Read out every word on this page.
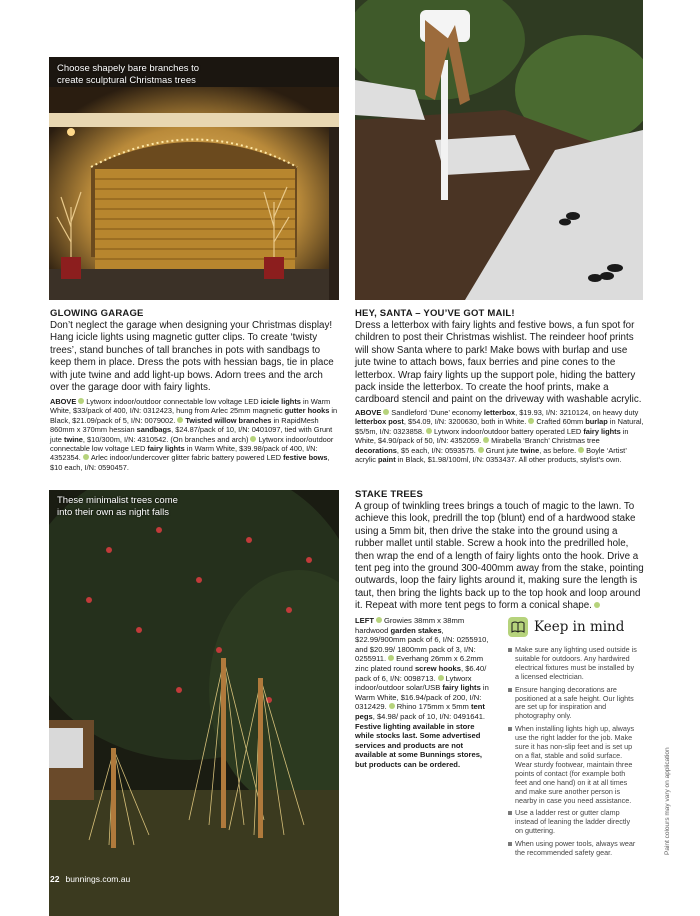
Choose shapely bare branches to create sculptural Christmas trees
GLOWING GARAGE
Don’t neglect the garage when designing your Christmas display! Hang icicle lights using magnetic gutter clips. To create ‘twisty trees’, stand bunches of tall branches in pots with sandbags to keep them in place. Dress the pots with hessian bags, tie in place with jute twine and add light-up bows. Adorn trees and the arch over the garage door with fairy lights.
ABOVE Lytworx indoor/outdoor connectable low voltage LED icicle lights in Warm White, $33/pack of 400, I/N: 0312423, hung from Arlec 25mm magnetic gutter hooks in Black, $21.09/pack of 5, I/N: 0079002. Twisted willow branches in RapidMesh 860mm x 370mm hessian sandbags, $24.87/pack of 10, I/N: 0401097, tied with Grunt jute twine, $10/300m, I/N: 4310542. (On branches and arch) Lytworx indoor/outdoor connectable low voltage LED fairy lights in Warm White, $39.98/pack of 400, I/N: 4352354. Arlec indoor/undercover glitter fabric battery powered LED festive bows, $10 each, I/N: 0590457.
HEY, SANTA – YOU’VE GOT MAIL!
Dress a letterbox with fairy lights and festive bows, a fun spot for children to post their Christmas wishlist. The reindeer hoof prints will show Santa where to park! Make bows with burlap and use jute twine to attach bows, faux berries and pine cones to the letterbox. Wrap fairy lights up the support pole, hiding the battery pack inside the letterbox. To create the hoof prints, make a cardboard stencil and paint on the driveway with washable acrylic.
ABOVE Sandleford ‘Dune’ economy letterbox, $19.93, I/N: 3210124, on heavy duty letterbox post, $54.09, I/N: 3200630, both in White. Crafted 60mm burlap in Natural, $5/5m, I/N: 0323858. Lytworx indoor/outdoor battery operated LED fairy lights in White, $4.90/pack of 50, I/N: 4352059. Mirabella ‘Branch’ Christmas tree decorations, $5 each, I/N: 0593575. Grunt jute twine, as before. Boyle ‘Artist’ acrylic paint in Black, $1.98/100ml, I/N: 0353437. All other products, stylist’s own.
These minimalist trees come into their own as night falls
STAKE TREES
A group of twinkling trees brings a touch of magic to the lawn. To achieve this look, predrill the top (blunt) end of a hardwood stake using a 5mm bit, then drive the stake into the ground using a rubber mallet until stable. Screw a hook into the predrilled hole, then wrap the end of a length of fairy lights onto the hook. Drive a tent peg into the ground 300-400mm away from the stake, pointing outwards, loop the fairy lights around it, making sure the length is taut, then bring the lights back up to the top hook and loop around it. Repeat with more tent pegs to form a conical shape.
LEFT Growies 38mm x 38mm hardwood garden stakes, $22.99/900mm pack of 6, I/N: 0255910, and $20.99/ 1800mm pack of 3, I/N: 0255911. Everhang 26mm x 6.2mm zinc plated round screw hooks, $6.40/ pack of 6, I/N: 0098713. Lytworx indoor/outdoor solar/USB fairy lights in Warm White, $16.94/pack of 200, I/N: 0312429. Rhino 175mm x 5mm tent pegs, $4.98/ pack of 10, I/N: 0491641. Festive lighting available in store while stocks last. Some advertised services and products are not available at some Bunnings stores, but products can be ordered.
Keep in mind
Make sure any lighting used outside is suitable for outdoors. Any hardwired electrical fixtures must be installed by a licensed electrician.
Ensure hanging decorations are positioned at a safe height. Our lights are set up for inspiration and photography only.
When installing lights high up, always use the right ladder for the job. Make sure it has non-slip feet and is set up on a flat, stable and solid surface. Wear sturdy footwear, maintain three points of contact (for example both feet and one hand) on it at all times and make sure another person is nearby in case you need assistance.
Use a ladder rest or gutter clamp instead of leaning the ladder directly on guttering.
When using power tools, always wear the recommended safety gear.	Paint colours may vary on application
22 bunnings.com.au
